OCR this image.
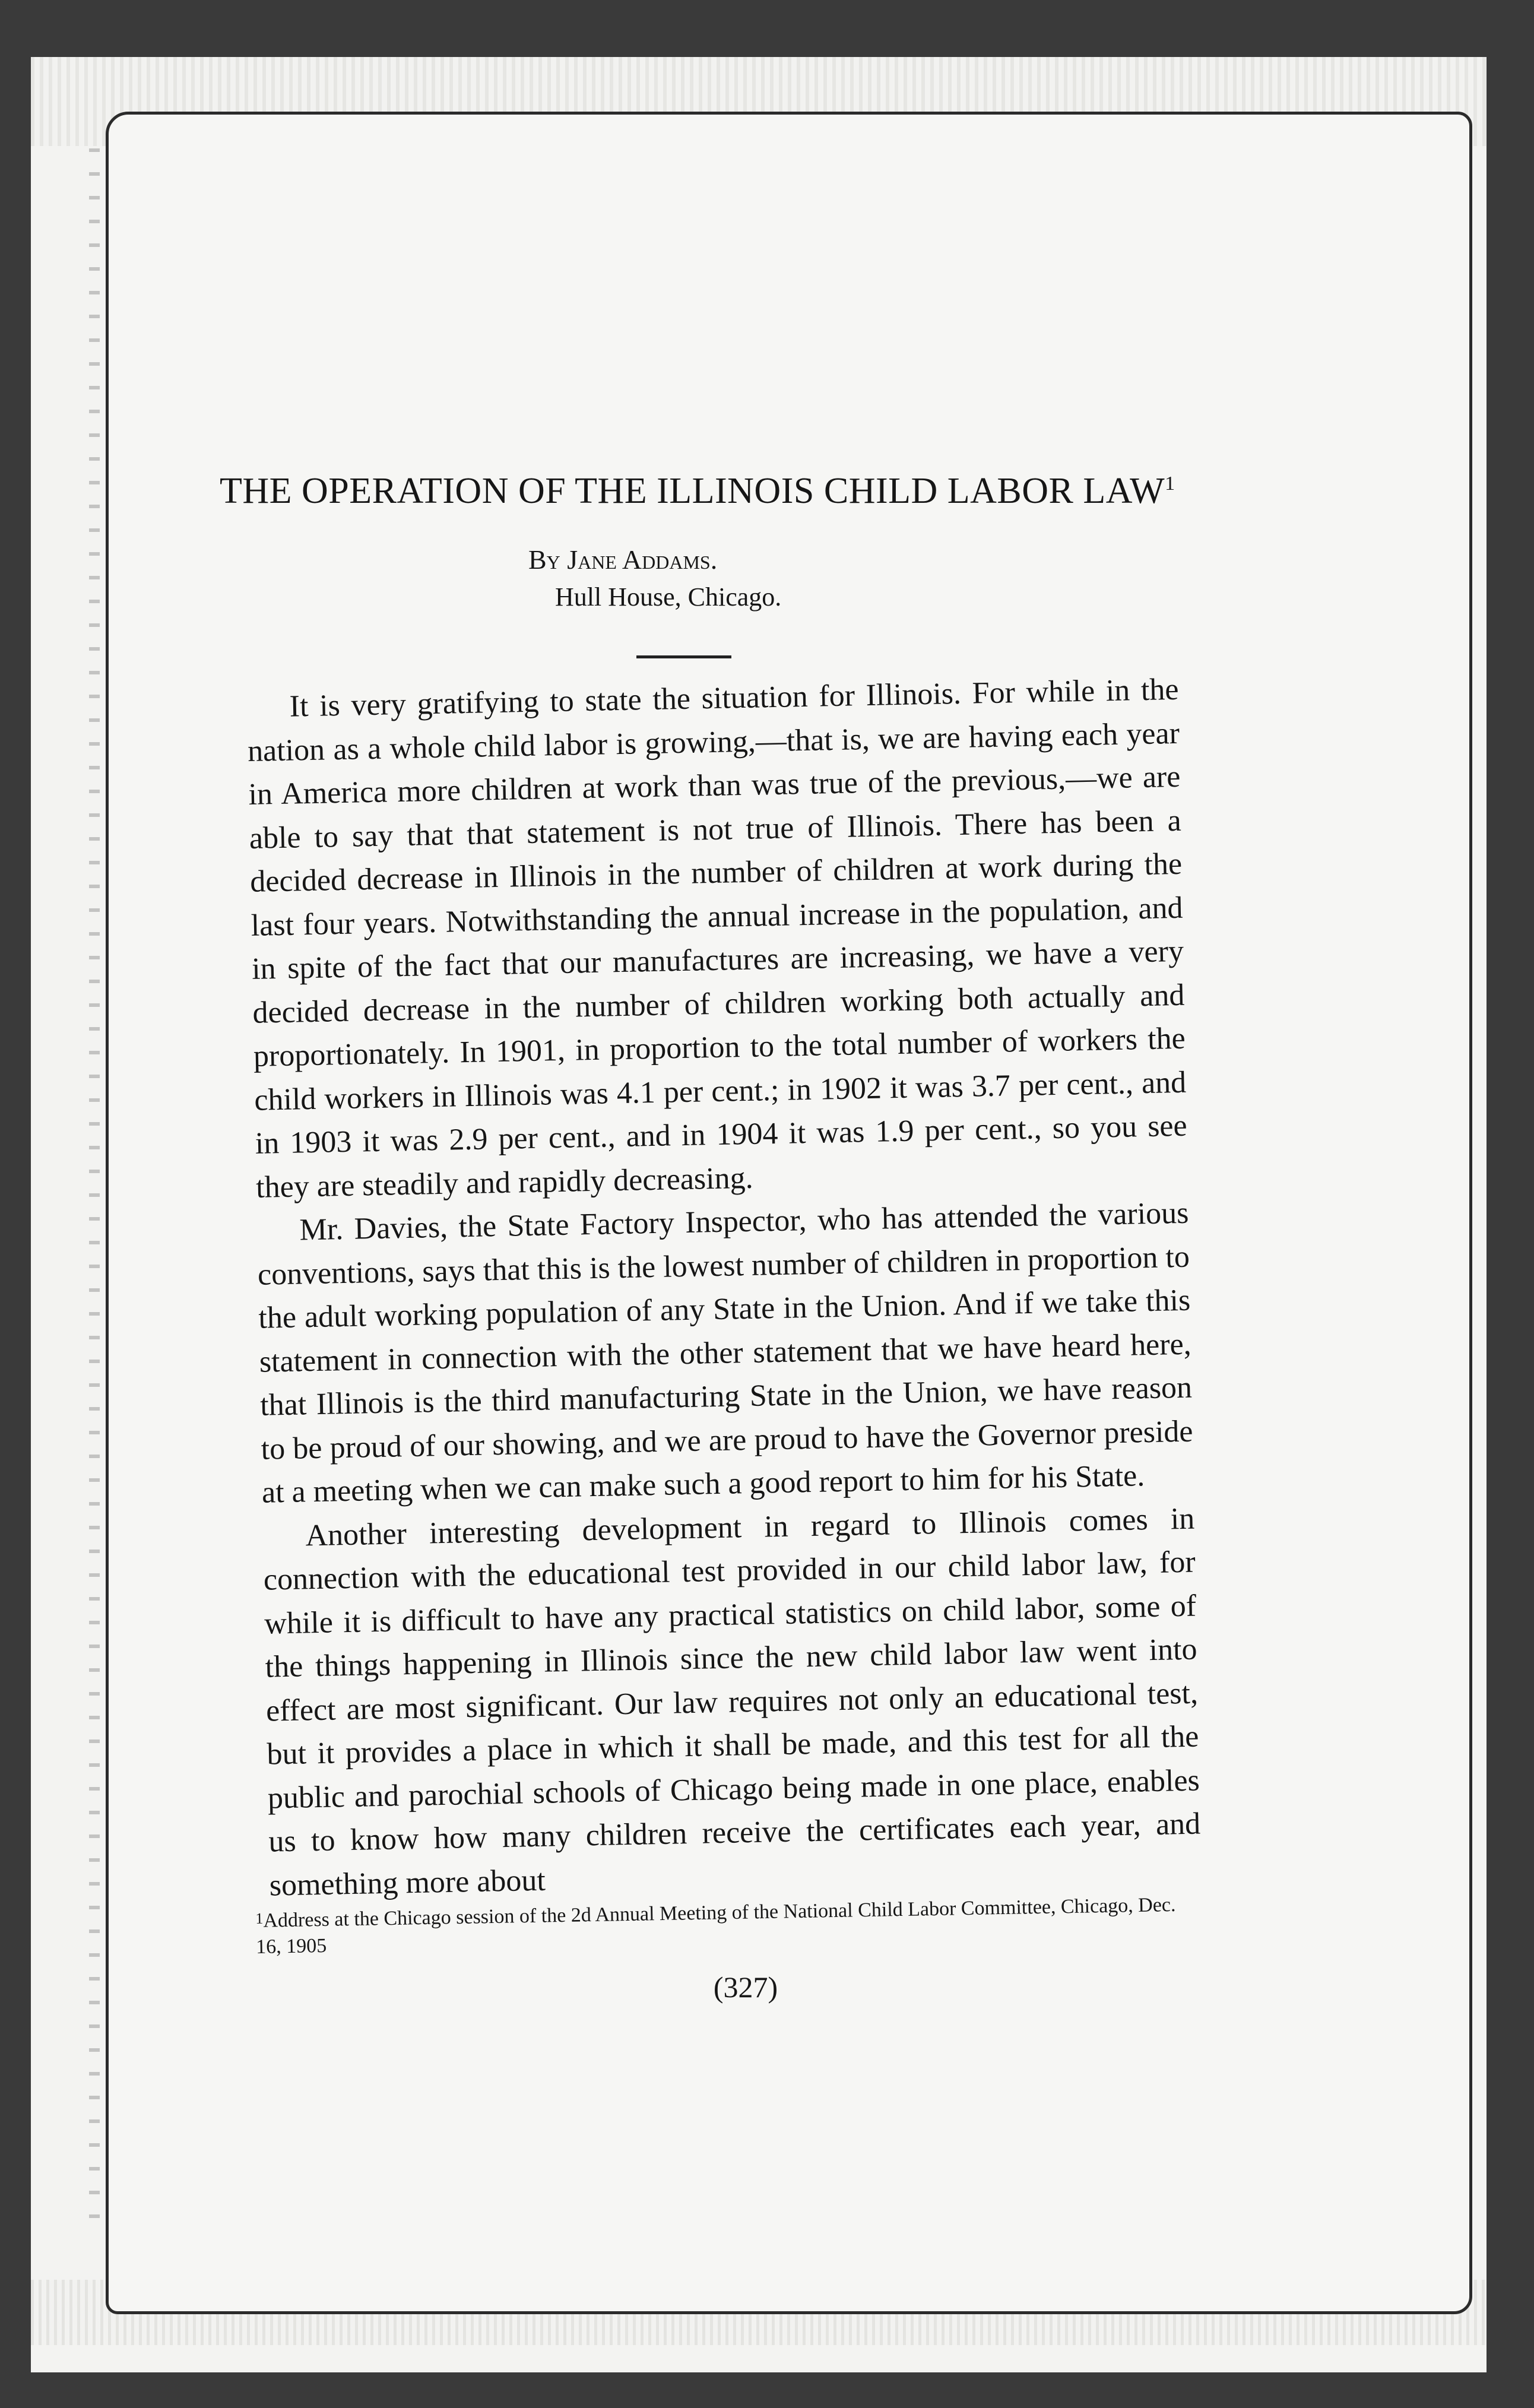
THE OPERATION OF THE ILLINOIS CHILD LABOR LAW$^1$
By Jane Addams.
Hull House, Chicago.

It is very gratifying to state the situation for Illinois. For while in the nation as a whole child labor is growing,—that is, we are having each year in America more children at work than was true of the previous,—we are able to say that that statement is not true of Illinois. There has been a decided decrease in Illinois in the number of children at work during the last four years. Notwithstanding the annual increase in the population, and in spite of the fact that our manufactures are increasing, we have a very decided decrease in the number of children working both actually and proportionately. In 1901, in proportion to the total number of workers the child workers in Illinois was 4.1 per cent.; in 1902 it was 3.7 per cent., and in 1903 it was 2.9 per cent., and in 1904 it was 1.9 per cent., so you see they are steadily and rapidly decreasing.

Mr. Davies, the State Factory Inspector, who has attended the various conventions, says that this is the lowest number of children in proportion to the adult working population of any State in the Union. And if we take this statement in connection with the other statement that we have heard here, that Illinois is the third manufacturing State in the Union, we have reason to be proud of our showing, and we are proud to have the Governor preside at a meeting when we can make such a good report to him for his State.

Another interesting development in regard to Illinois comes in connection with the educational test provided in our child labor law, for while it is difficult to have any practical statistics on child labor, some of the things happening in Illinois since the new child labor law went into effect are most significant. Our law requires not only an educational test, but it provides a place in which it shall be made, and this test for all the public and parochial schools of Chicago being made in one place, enables us to know how many children receive the certificates each year, and something more about

1Address at the Chicago session of the 2d Annual Meeting of the National Child Labor Committee, Chicago, Dec. 16, 1905
(327)
